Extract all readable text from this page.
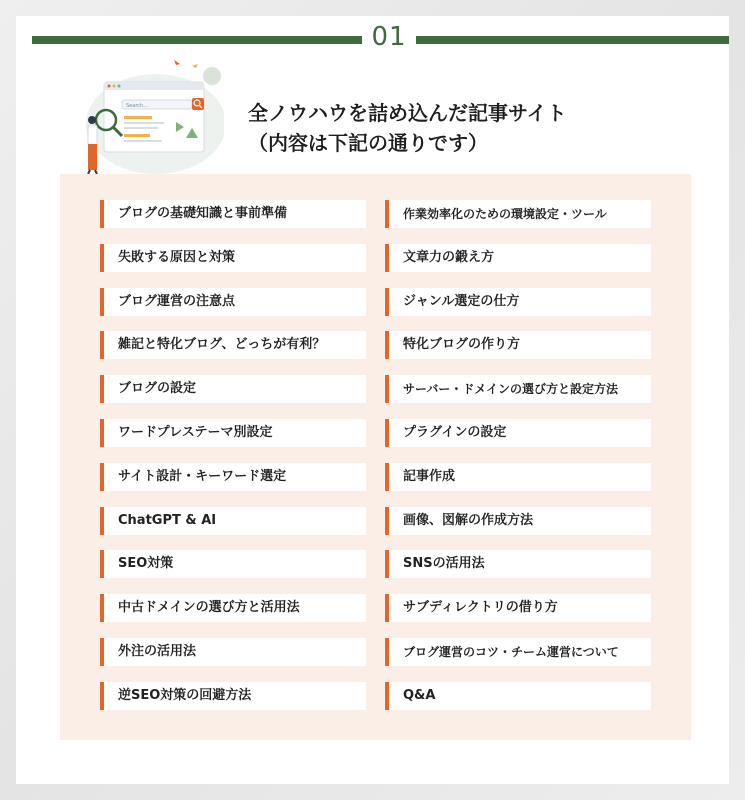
01
Search...	全ノウハウを詰め込んだ記事サイト
（内容は下記の通りです）
ブログの基礎知識と事前準備
失敗する原因と対策
ブログ運営の注意点
雑記と特化ブログ、どっちが有利？
ブログの設定
ワードプレステーマ別設定
サイト設計・キーワード選定
ChatGPT & AI
SEO対策
中古ドメインの選び方と活用法
外注の活用法
逆SEO対策の回避方法
作業効率化のための環境設定・ツール
文章力の鍛え方
ジャンル選定の仕方
特化ブログの作り方
サーバー・ドメインの選び方と設定方法
プラグインの設定
記事作成
画像、図解の作成方法
SNSの活用法
サブディレクトリの借り方
ブログ運営のコツ・チーム運営について
Q&A
